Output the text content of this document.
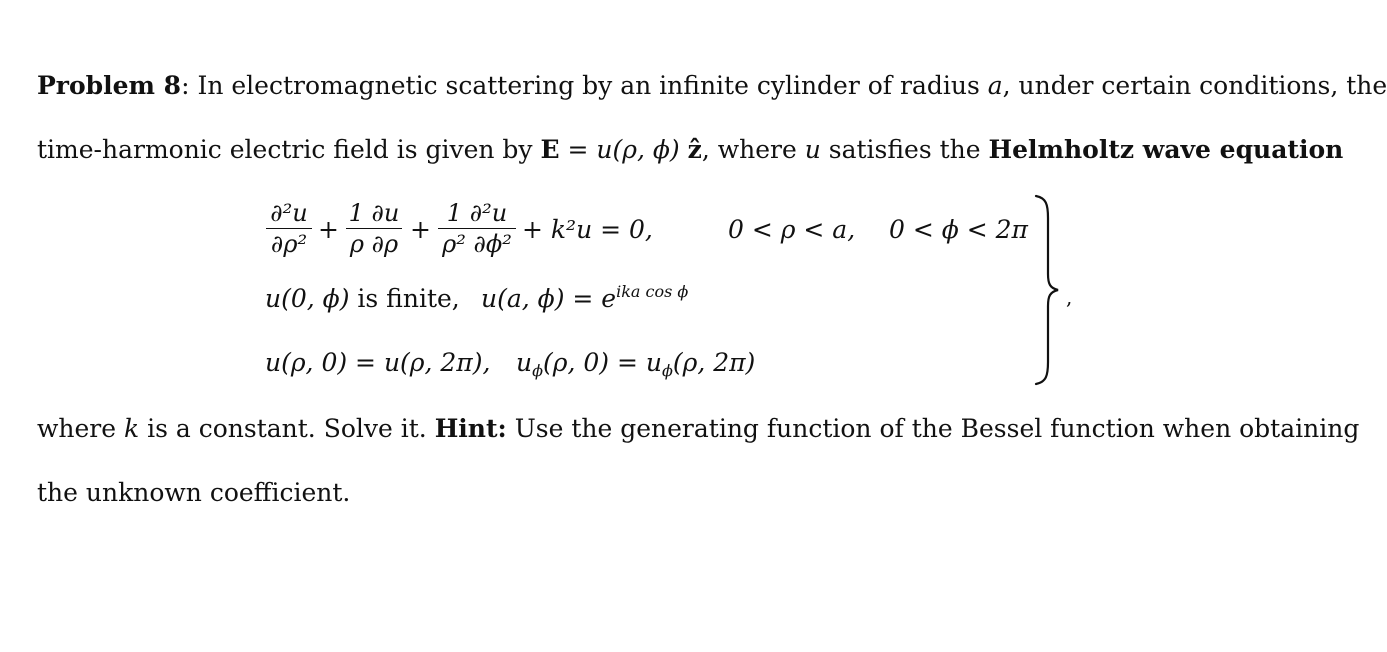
Problem 8: In electromagnetic scattering by an infinite cylinder of radius a, under certain conditions, the
time-harmonic electric field is given by E = u(ρ, ϕ) ẑ, where u satisfies the Helmholtz wave equation
∂²u
∂ρ² +
1 ∂u
ρ ∂ρ +
1 ∂²u
ρ² ∂ϕ² + k²u = 0,	0 < ρ < a, 0 < ϕ < 2π
u(0, ϕ) is finite, u(a, $\phi) = e^{ika cos \phi}$
u(ρ, 0) = u(ρ, 2π), $u_\phi(\rho$, $0) = u_\phi(\rho$, 2π)
,
where k is a constant. Solve it. Hint: Use the generating function of the Bessel function when obtaining
the unknown coefficient.
